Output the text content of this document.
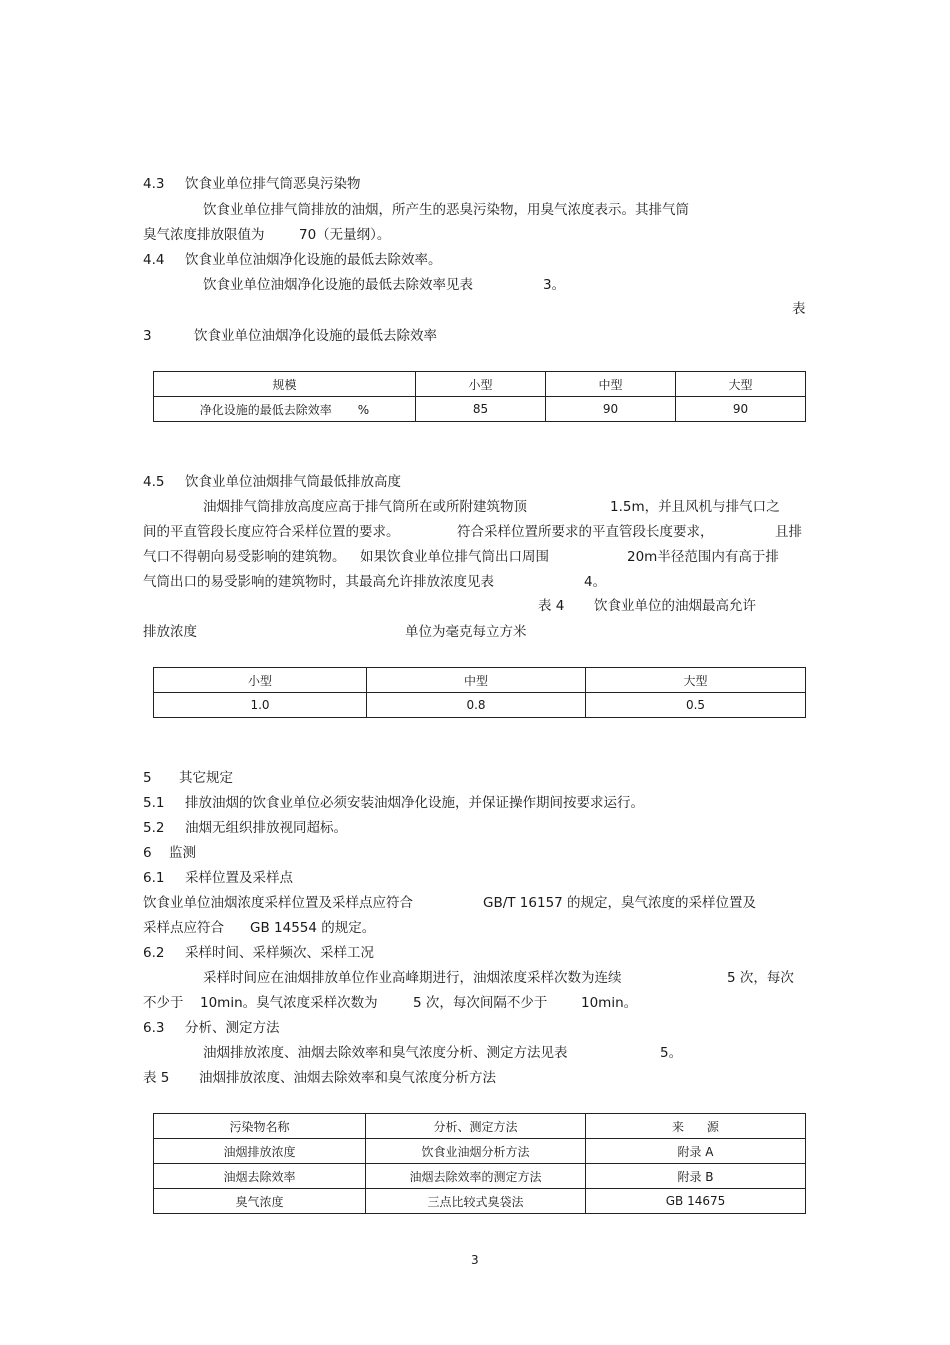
4.3 饮食业单位排气筒恶臭污染物
饮食业单位排气筒排放的油烟，所产生的恶臭污染物，用臭气浓度表示。其排气筒
臭气浓度排放限值为	70（无量纲）。
4.4 饮食业单位油烟净化设施的最低去除效率。
饮食业单位油烟净化设施的最低去除效率见表	3。
表
3	饮食业单位油烟净化设施的最低去除效率
规模	小型	中型	大型
净化设施的最低去除效率 %	85	90	90
4.5 饮食业单位油烟排气筒最低排放高度
油烟排气筒排放高度应高于排气筒所在或所附建筑物顶	1.5m，并且风机与排气口之
间的平直管段长度应符合采样位置的要求。	符合采样位置所要求的平直管段长度要求，	且排
气口不得朝向易受影响的建筑物。 如果饮食业单位排气筒出口周围	20m半径范围内有高于排
气筒出口的易受影响的建筑物时，其最高允许排放浓度见表	4。
表 4 饮食业单位的油烟最高允许
排放浓度	单位为毫克每立方米
小型	中型	大型
1.0	0.8	0.5
5 其它规定
5.1 排放油烟的饮食业单位必须安装油烟净化设施，并保证操作期间按要求运行。
5.2 油烟无组织排放视同超标。
6 监测
6.1 采样位置及采样点
饮食业单位油烟浓度采样位置及采样点应符合	GB/T 16157 的规定，臭气浓度的采样位置及
采样点应符合 GB 14554 的规定。
6.2 采样时间、采样频次、采样工况
采样时间应在油烟排放单位作业高峰期进行，油烟浓度采样次数为连续	5 次，每次
不少于 10min。臭气浓度采样次数为	5 次，每次间隔不少于 10min。
6.3 分析、测定方法
油烟排放浓度、油烟去除效率和臭气浓度分析、测定方法见表	5。
表 5 油烟排放浓度、油烟去除效率和臭气浓度分析方法
污染物名称	分析、测定方法	来      源
油烟排放浓度	饮食业油烟分析方法	附录 A
油烟去除效率	油烟去除效率的测定方法	附录 B
臭气浓度	三点比较式臭袋法	GB 14675
3
